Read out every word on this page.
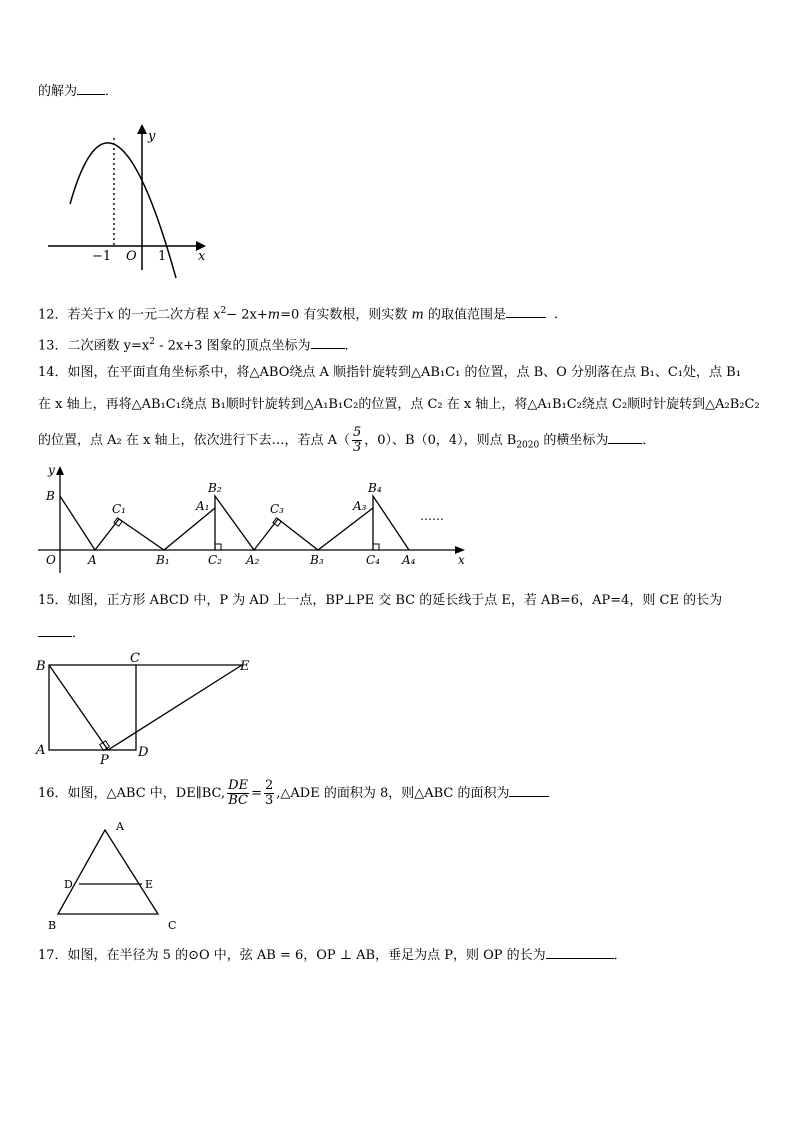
的解为 ．
y
x
O
−1	1
12．若关于x 的一元二次方程 $x^2- 2x+m=0$ 有实数根，则实数 m 的取值范围是	．
13．二次函数 $y=x^2 - 2x+3$ 图象的顶点坐标为	．
14．如图，在平面直角坐标系中，将△ABO绕点 A 顺指针旋转到△AB₁C₁ 的位置，点 B、O 分别落在点 B₁、C₁处，点 B₁
在 x 轴上，再将△AB₁C₁绕点 B₁顺时针旋转到△A₁B₁C₂的位置，点 C₂ 在 x 轴上，将△A₁B₁C₂绕点 C₂顺时针旋转到△A₂B₂C₂
的位置，点 A₂ 在 x 轴上，依次进行下去…，若点 $A( \frac{5}{3}$ ，0）、B（0，4），则点 $B_{2020}$ 的横坐标为	．
y
x
O
B
A
C₁
B₁
A₁
B₂
C₂ A₂
C₃
B₃
A₃
B₄
C₄ A₄
……
15．如图，正方形 ABCD 中，P 为 AD 上一点，BP⊥PE 交 BC 的延长线于点 E，若 AB=6，AP=4，则 CE 的长为
．
B
C
E
A
P
D
16．如图，△ABC 中，DE∥BC, $\frac{DE}{BC} = \frac{2}{3}$ ,△ADE 的面积为 8，则△ABC 的面积为
A
D	E
B	C
17．如图，在半径为 5 的⊙O 中，弦 AB = 6，OP ⊥ AB，垂足为点 P，则 OP 的长为	．
